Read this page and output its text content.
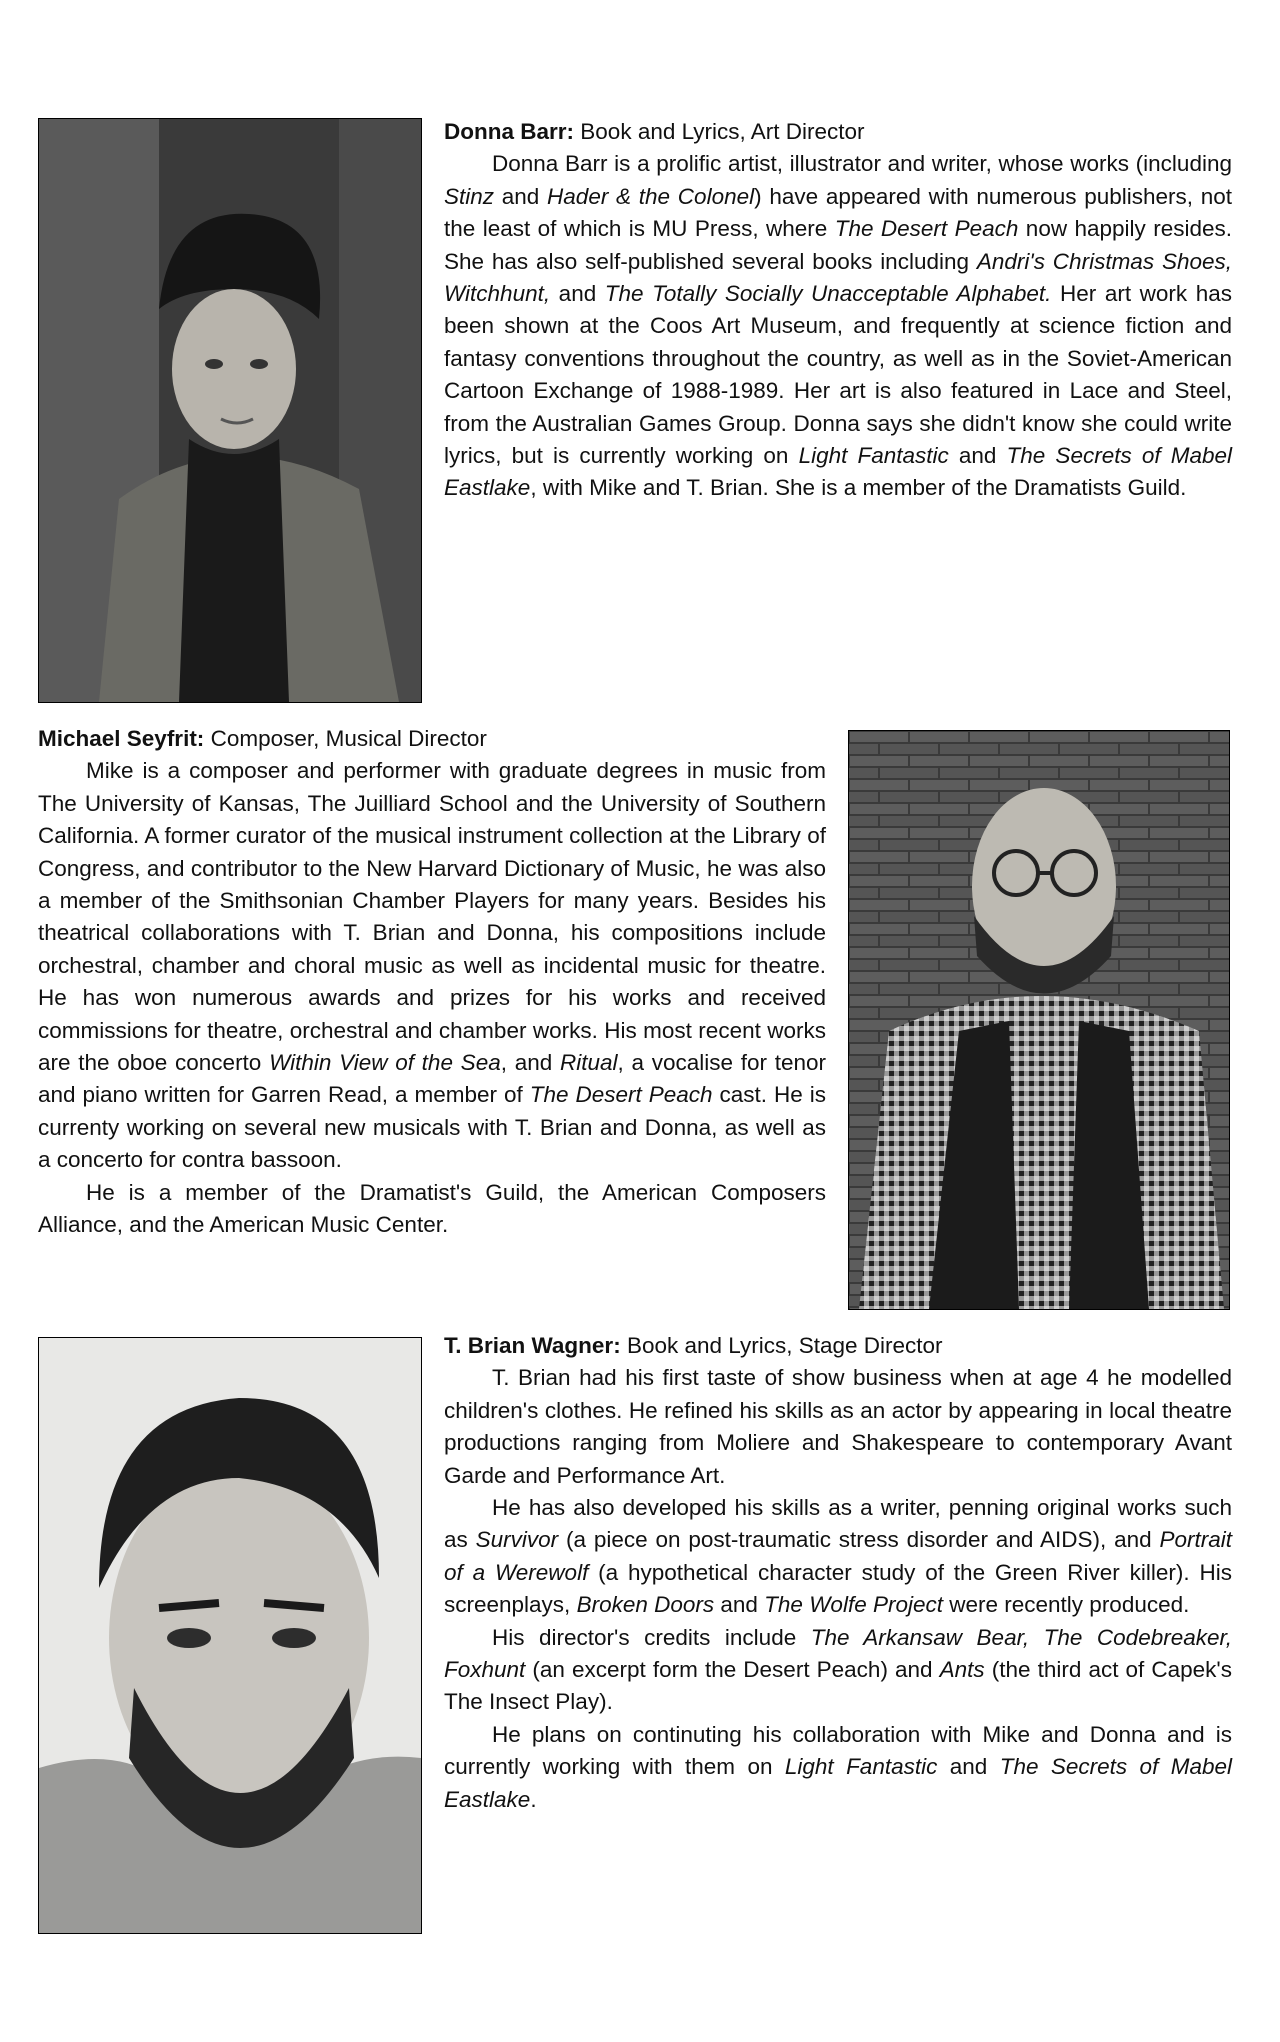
Donna Barr: Book and Lyrics, Art Director

Donna Barr is a prolific artist, illustrator and writer, whose works (including Stinz and Hader & the Colonel) have appeared with numerous publishers, not the least of which is MU Press, where The Desert Peach now happily resides. She has also self-published several books including Andri's Christmas Shoes, Witchhunt, and The Totally Socially Unacceptable Alphabet. Her art work has been shown at the Coos Art Museum, and frequently at science fiction and fantasy conventions throughout the country, as well as in the Soviet-American Cartoon Exchange of 1988-1989. Her art is also featured in Lace and Steel, from the Australian Games Group. Donna says she didn't know she could write lyrics, but is currently working on Light Fantastic and The Secrets of Mabel Eastlake, with Mike and T. Brian. She is a member of the Dramatists Guild.

Michael Seyfrit: Composer, Musical Director

Mike is a composer and performer with graduate degrees in music from The University of Kansas, The Juilliard School and the University of Southern California. A former curator of the musical instrument collection at the Library of Congress, and contributor to the New Harvard Dictionary of Music, he was also a member of the Smithsonian Chamber Players for many years. Besides his theatrical collaborations with T. Brian and Donna, his compositions include orchestral, chamber and choral music as well as incidental music for theatre. He has won numerous awards and prizes for his works and received commissions for theatre, orchestral and chamber works. His most recent works are the oboe concerto Within View of the Sea, and Ritual, a vocalise for tenor and piano written for Garren Read, a member of The Desert Peach cast. He is currenty working on several new musicals with T. Brian and Donna, as well as a concerto for contra bassoon.

He is a member of the Dramatist's Guild, the American Composers Alliance, and the American Music Center.

T. Brian Wagner: Book and Lyrics, Stage Director

T. Brian had his first taste of show business when at age 4 he modelled children's clothes. He refined his skills as an actor by appearing in local theatre productions ranging from Moliere and Shakespeare to contemporary Avant Garde and Performance Art.

He has also developed his skills as a writer, penning original works such as Survivor (a piece on post-traumatic stress disorder and AIDS), and Portrait of a Werewolf (a hypothetical character study of the Green River killer). His screenplays, Broken Doors and The Wolfe Project were recently produced.

His director's credits include The Arkansaw Bear, The Codebreaker, Foxhunt (an excerpt form the Desert Peach) and Ants (the third act of Capek's The Insect Play).

He plans on continuting his collaboration with Mike and Donna and is currently working with them on Light Fantastic and The Secrets of Mabel Eastlake.
